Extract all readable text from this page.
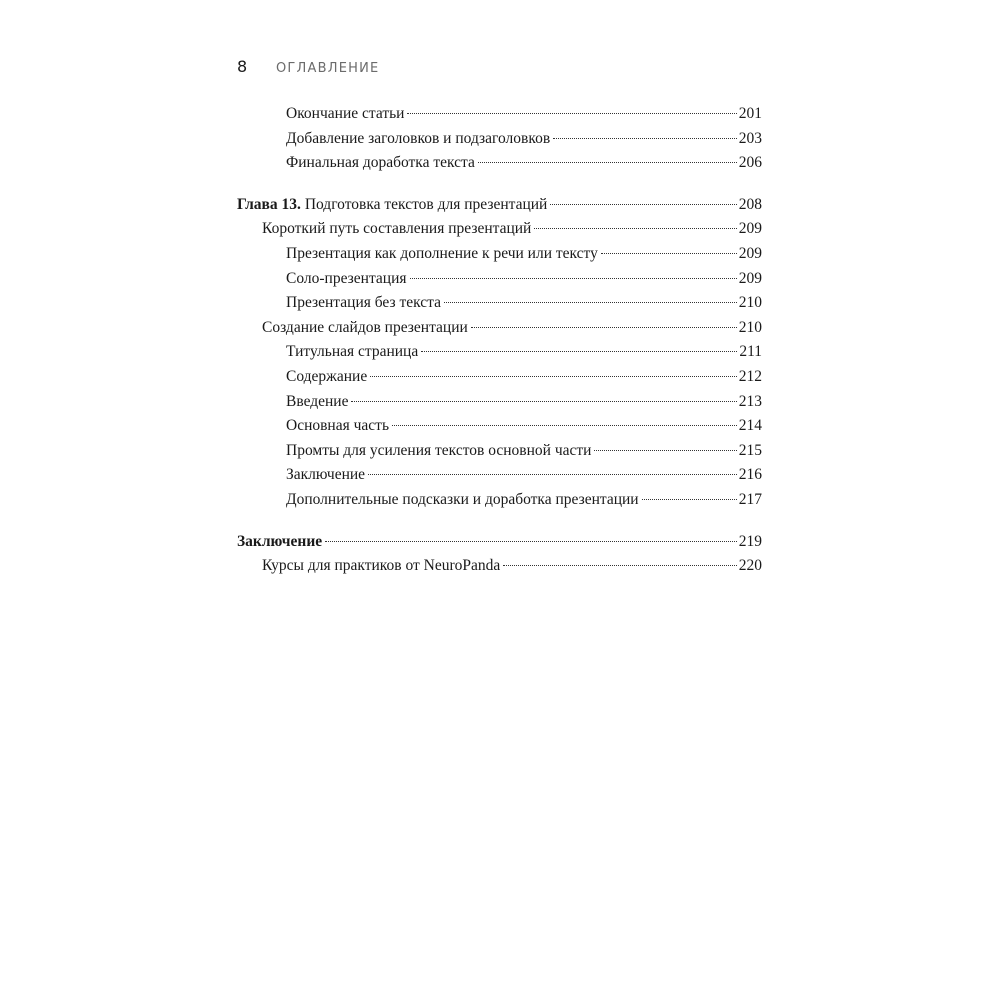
8	ОГЛАВЛЕНИЕ
Окончание статьи	201
Добавление заголовков и подзаголовков	203
Финальная доработка текста	206
Глава 13. Подготовка текстов для презентаций	208
Короткий путь составления презентаций	209
Презентация как дополнение к речи или тексту	209
Соло-презентация	209
Презентация без текста	210
Создание слайдов презентации	210
Титульная страница	211
Содержание	212
Введение	213
Основная часть	214
Промты для усиления текстов основной части	215
Заключение	216
Дополнительные подсказки и доработка презентации	217
Заключение	219
Курсы для практиков от NeuroPanda	220
